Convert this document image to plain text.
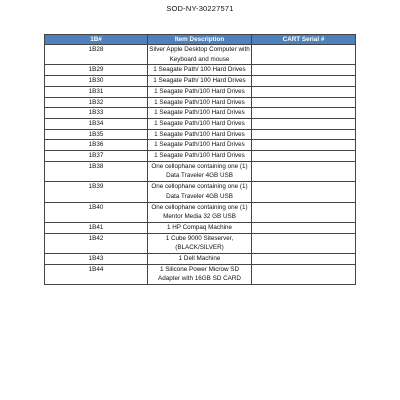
SOD-NY-30227571
1B#	Item Description	CART Serial #
1B28	Silver Apple Desktop Computer with Keyboard and mouse	
1B29	1 Seagate Path/ 100 Hard Drives	
1B30	1 Seagate Path/ 100 Hard Drives	
1B31	1 Seagate Path/100 Hard Drives	
1B32	1 Seagate Path/100 Hard Drives	
1B33	1 Seagate Path/100 Hard Drives	
1B34	1 Seagate Path/100 Hard Drives	
1B35	1 Seagate Path/100 Hard Drives	
1B36	1 Seagate Path/100 Hard Drives	
1B37	1 Seagate Path/100 Hard Drives	
1B38	One cellophane containing one (1) Data Traveler 4GB USB	
1B39	One cellophane containing one (1) Data Traveler 4GB USB	
1B40	One cellophane containing one (1) Mentor Media 32 GB USB	
1B41	1 HP Compaq Machine	
1B42	1 Cube 9000 Siteserver, (BLACK/SILVER)	
1B43	1 Dell Machine	
1B44	1 Silicone Power Microw SD Adapter with 16GB SD CARD	
